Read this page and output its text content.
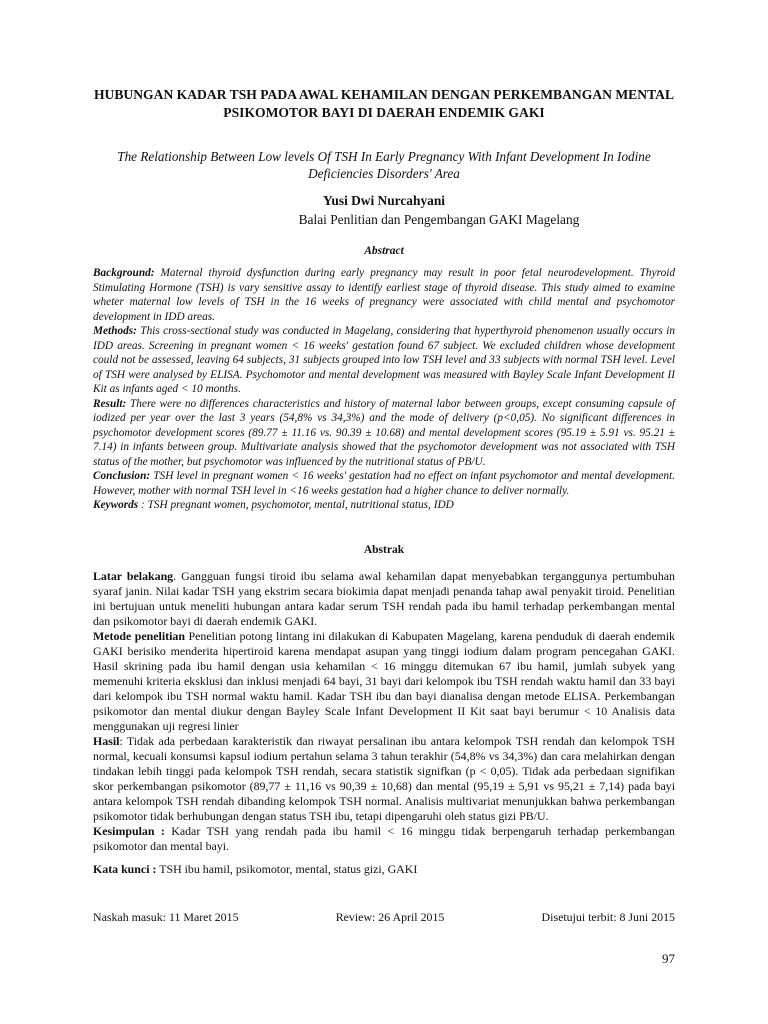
HUBUNGAN KADAR TSH PADA AWAL KEHAMILAN DENGAN PERKEMBANGAN MENTAL PSIKOMOTOR BAYI DI DAERAH ENDEMIK GAKI
The Relationship Between Low levels Of TSH In Early Pregnancy With Infant Development In Iodine Deficiencies Disorders' Area
Yusi Dwi Nurcahyani
Balai Penlitian dan Pengembangan GAKI Magelang
Abstract

Background: Maternal thyroid dysfunction during early pregnancy may result in poor fetal neurodevelopment. Thyroid Stimulating Hormone (TSH) is vary sensitive assay to identify earliest stage of thyroid disease. This study aimed to examine wheter maternal low levels of TSH in the 16 weeks of pregnancy were associated with child mental and psychomotor development in IDD areas.

Methods: This cross-sectional study was conducted in Magelang, considering that hyperthyroid phenomenon usually occurs in IDD areas. Screening in pregnant women < 16 weeks' gestation found 67 subject. We excluded children whose development could not be assessed, leaving 64 subjects, 31 subjects grouped into low TSH level and 33 subjects with normal TSH level. Level of TSH were analysed by ELISA. Psychomotor and mental development was measured with Bayley Scale Infant Development II Kit as infants aged < 10 months.

Result: There were no differences characteristics and history of maternal labor between groups, except consuming capsule of iodized per year over the last 3 years (54,8% vs 34,3%) and the mode of delivery (p<0,05). No significant differences in psychomotor development scores (89.77 ± 11.16 vs. 90.39 ± 10.68) and mental development scores (95.19 ± 5.91 vs. 95.21 ± 7.14) in infants between group. Multivariate analysis showed that the psychomotor development was not associated with TSH status of the mother, but psychomotor was influenced by the nutritional status of PB/U.

Conclusion: TSH level in pregnant women < 16 weeks' gestation had no effect on infant psychomotor and mental development. However, mother with normal TSH level in <16 weeks gestation had a higher chance to deliver normally.

Keywords : TSH pregnant women, psychomotor, mental, nutritional status, IDD

Abstrak

Latar belakang. Gangguan fungsi tiroid ibu selama awal kehamilan dapat menyebabkan terganggunya pertumbuhan syaraf janin. Nilai kadar TSH yang ekstrim secara biokimia dapat menjadi penanda tahap awal penyakit tiroid. Penelitian ini bertujuan untuk meneliti hubungan antara kadar serum TSH rendah pada ibu hamil terhadap perkembangan mental dan psikomotor bayi di daerah endemik GAKI.

Metode penelitian Penelitian potong lintang ini dilakukan di Kabupaten Magelang, karena penduduk di daerah endemik GAKI berisiko menderita hipertiroid karena mendapat asupan yang tinggi iodium dalam program pencegahan GAKI. Hasil skrining pada ibu hamil dengan usia kehamilan < 16 minggu ditemukan 67 ibu hamil, jumlah subyek yang memenuhi kriteria eksklusi dan inklusi menjadi 64 bayi, 31 bayi dari kelompok ibu TSH rendah waktu hamil dan 33 bayi dari kelompok ibu TSH normal waktu hamil. Kadar TSH ibu dan bayi dianalisa dengan metode ELISA. Perkembangan psikomotor dan mental diukur dengan Bayley Scale Infant Development II Kit saat bayi berumur < 10 Analisis data menggunakan uji regresi linier

Hasil: Tidak ada perbedaan karakteristik dan riwayat persalinan ibu antara kelompok TSH rendah dan kelompok TSH normal, kecuali konsumsi kapsul iodium pertahun selama 3 tahun terakhir (54,8% vs 34,3%) dan cara melahirkan dengan tindakan lebih tinggi pada kelompok TSH rendah, secara statistik signifkan (p < 0,05). Tidak ada perbedaan signifikan skor perkembangan psikomotor (89,77 ± 11,16 vs 90,39 ± 10,68) dan mental (95,19 ± 5,91 vs 95,21 ± 7,14) pada bayi antara kelompok TSH rendah dibanding kelompok TSH normal. Analisis multivariat menunjukkan bahwa perkembangan psikomotor tidak berhubungan dengan status TSH ibu, tetapi dipengaruhi oleh status gizi PB/U.

Kesimpulan : Kadar TSH yang rendah pada ibu hamil < 16 minggu tidak berpengaruh terhadap perkembangan psikomotor dan mental bayi.

Kata kunci : TSH ibu hamil, psikomotor, mental, status gizi, GAKI
Naskah masuk: 11 Maret 2015	Review: 26 April 2015	Disetujui terbit: 8 Juni 2015
97
